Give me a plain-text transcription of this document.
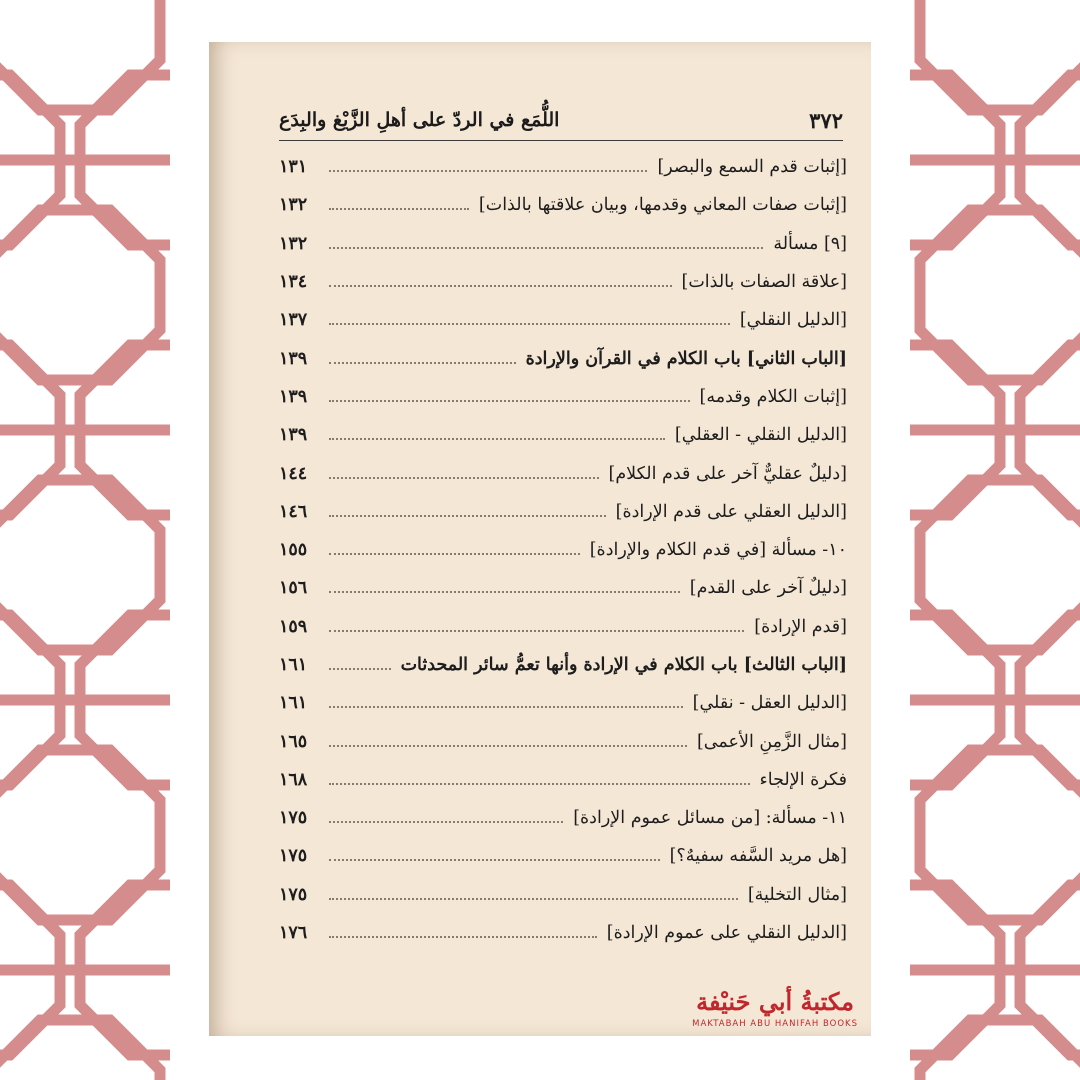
٣٧٢
اللُّمَع في الردّ على أهلِ الزَّيْغ والبِدَع
[إثبات قدم السمع والبصر]
١٣١
[إثبات صفات المعاني وقدمها، وبيان علاقتها بالذات]
١٣٢
[٩] مسألة
١٣٢
[علاقة الصفات بالذات]
١٣٤
[الدليل النقلي]
١٣٧
[الباب الثاني] باب الكلام في القرآن والإرادة
١٣٩
[إثبات الكلام وقدمه]
١٣٩
[الدليل النقلي - العقلي]
١٣٩
[دليلٌ عقليٌّ آخر على قدم الكلام]
١٤٤
[الدليل العقلي على قدم الإرادة]
١٤٦
١٠- مسألة [في قدم الكلام والإرادة]
١٥٥
[دليلٌ آخر على القدم]
١٥٦
[قدم الإرادة]
١٥٩
[الباب الثالث] باب الكلام في الإرادة وأنها تعمُّ سائر المحدثات
١٦١
[الدليل العقل - نقلي]
١٦١
[مثال الزَّمِنِ الأعمى]
١٦٥
فكرة الإلجاء
١٦٨
١١- مسألة: [من مسائل عموم الإرادة]
١٧٥
[هل مريد السَّفه سفيهٌ؟]
١٧٥
[مثال التخلية]
١٧٥
[الدليل النقلي على عموم الإرادة]
١٧٦
مكتبةُ أبي حَنيْفة
MAKTABAH ABU HANIFAH BOOKS
